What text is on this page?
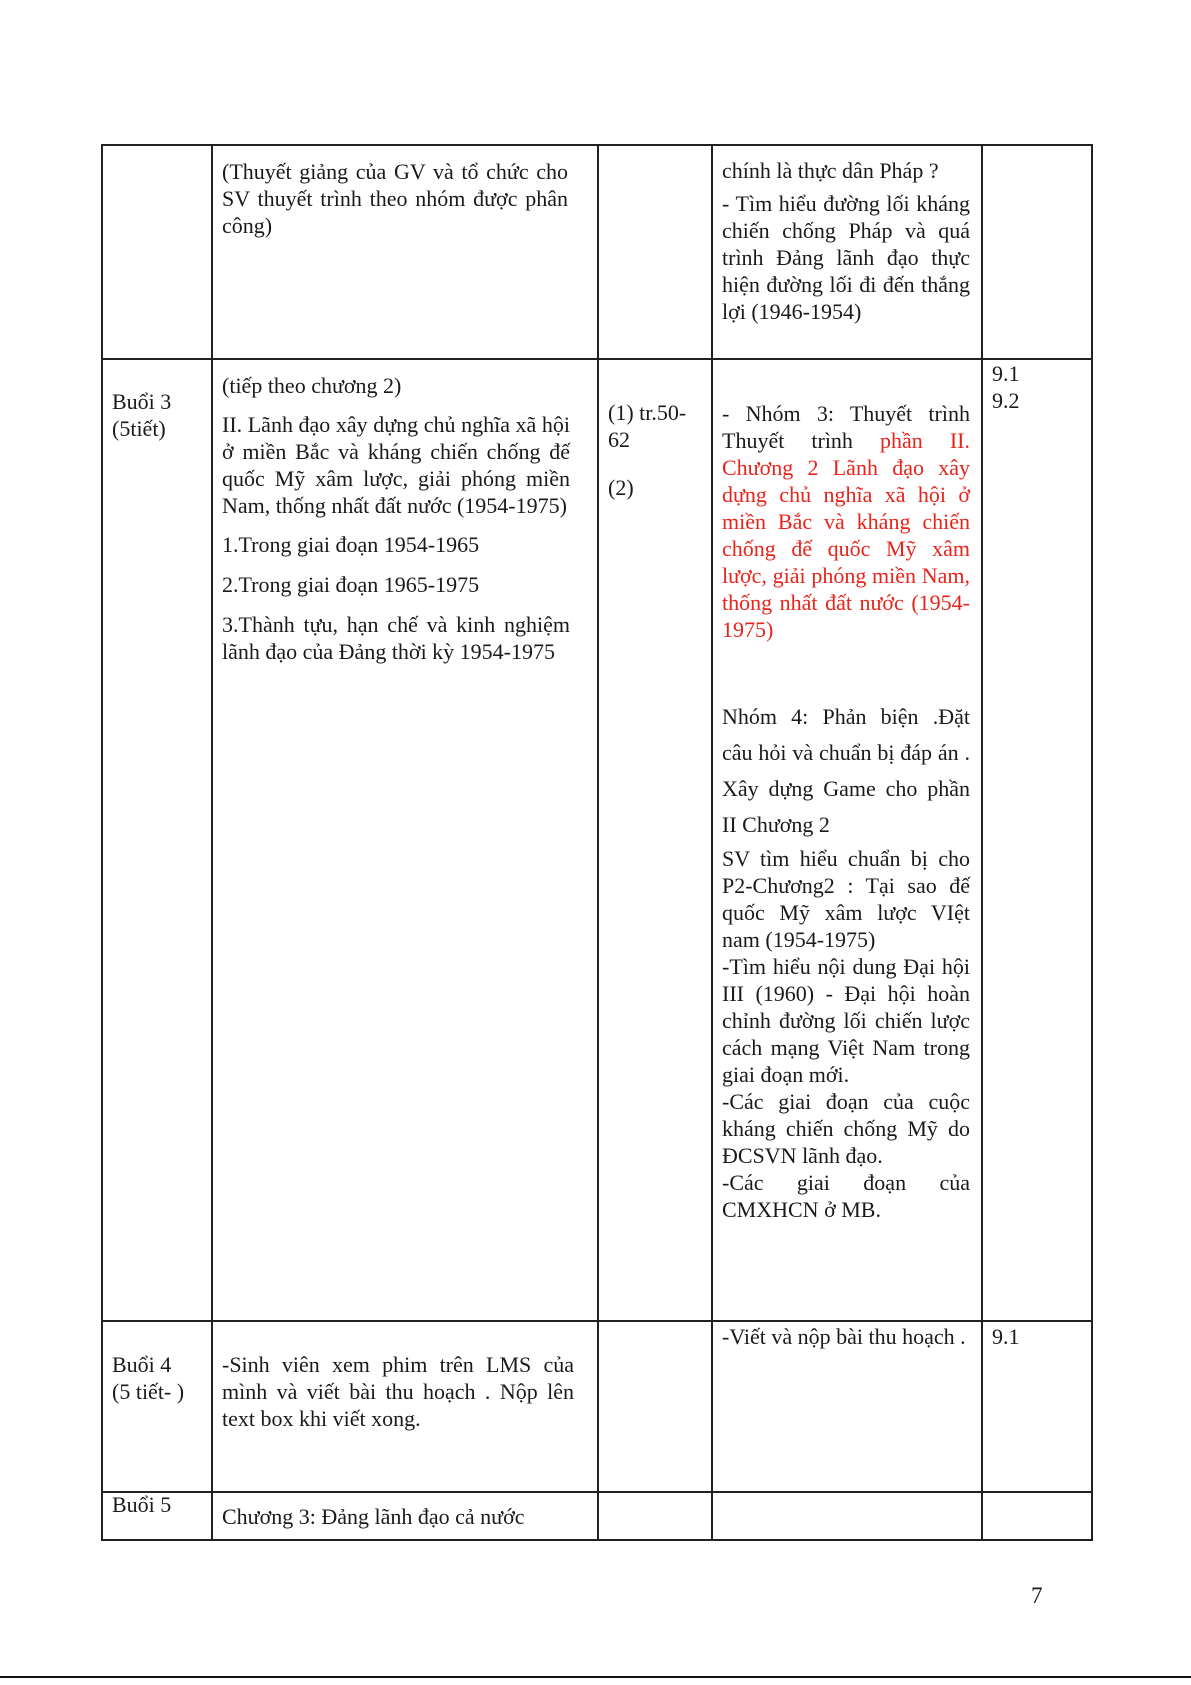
(Thuyết giảng của GV và tổ chức cho SV thuyết trình theo nhóm được phân công)

chính là thực dân Pháp ?

- Tìm hiểu đường lối kháng chiến chống Pháp và quá trình Đảng lãnh đạo thực hiện đường lối đi đến thắng lợi (1946-1954)

Buổi 3

(5tiết)

(tiếp theo chương 2)

II. Lãnh đạo xây dựng chủ nghĩa xã hội ở miền Bắc và kháng chiến chống đế quốc Mỹ xâm lược, giải phóng miền Nam, thống nhất đất nước (1954-1975)

1.Trong giai đoạn 1954-1965

2.Trong giai đoạn 1965-1975

3.Thành tựu, hạn chế và kinh nghiệm lãnh đạo của Đảng thời kỳ 1954-1975

(1) tr.50-62

(2)

- Nhóm 3: Thuyết trình Thuyết trình phần II. Chương 2 Lãnh đạo xây dựng chủ nghĩa xã hội ở miền Bắc và kháng chiến chống đế quốc Mỹ xâm lược, giải phóng miền Nam, thống nhất đất nước (1954-1975)

Nhóm 4: Phản biện .Đặt câu hỏi và chuẩn bị đáp án . Xây dựng Game cho phần II Chương 2

SV tìm hiểu chuẩn bị cho P2-Chương2 : Tại sao đế quốc Mỹ xâm lược VIệt nam (1954-1975)

-Tìm hiểu nội dung Đại hội III (1960) - Đại hội hoàn chỉnh đường lối chiến lược cách mạng Việt Nam trong giai đoạn mới.

-Các giai đoạn của cuộc kháng chiến chống Mỹ do ĐCSVN lãnh đạo.

-Các giai đoạn của CMXHCN ở MB.

9.1

9.2

Buổi 4

(5 tiết- )

-Sinh viên xem phim trên LMS của mình và viết bài thu hoạch . Nộp lên text box khi viết xong.

-Viết và nộp bài thu hoạch . 9.1

Buổi 5	Chương 3: Đảng lãnh đạo cả nước

7
